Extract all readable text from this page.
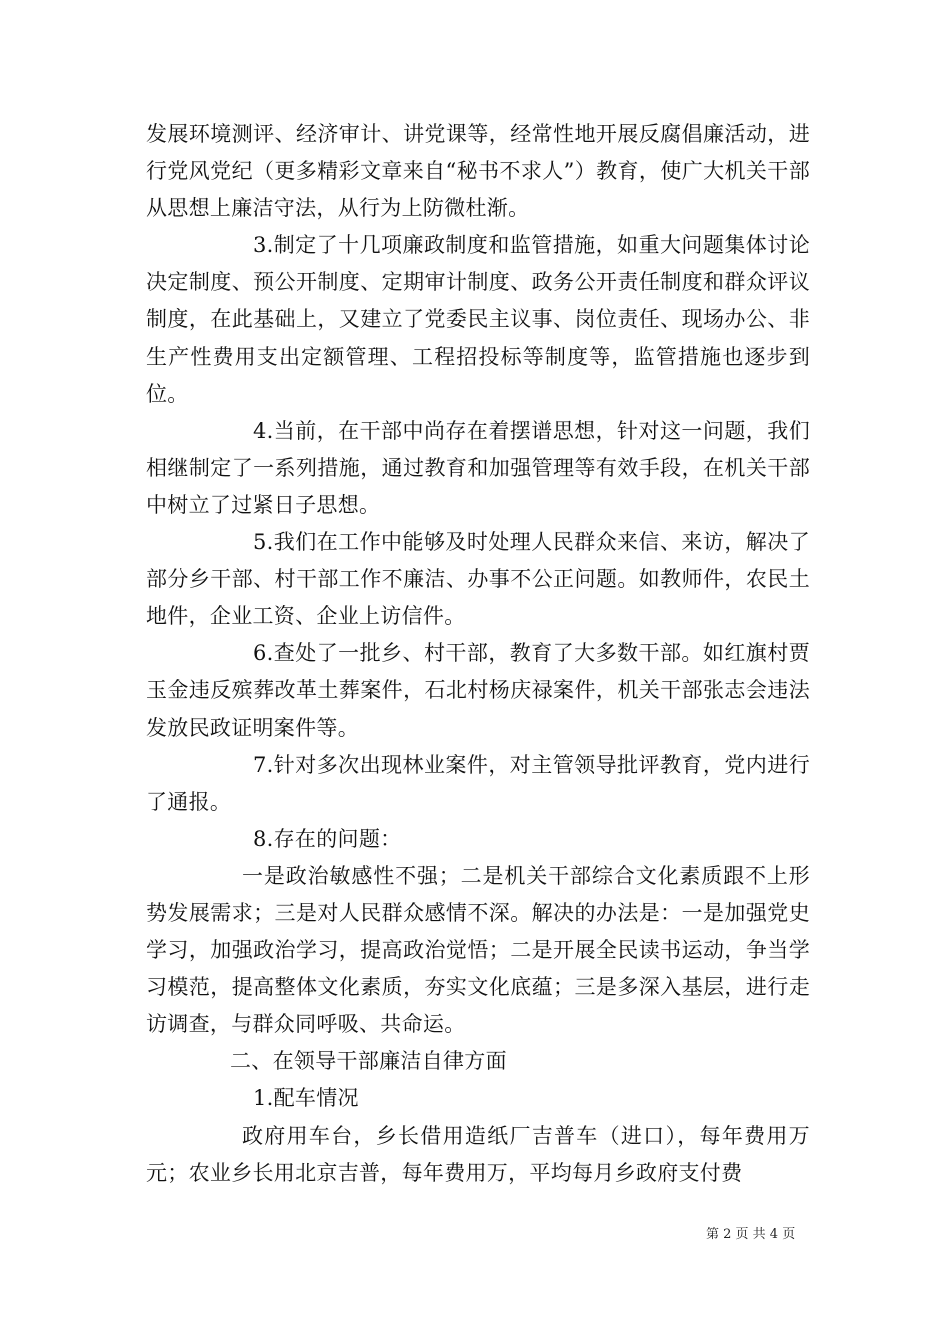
发展环境测评、经济审计、讲党课等，经常性地开展反腐倡廉活动，进行党风党纪（更多精彩文章来自“秘书不求人”）教育，使广大机关干部从思想上廉洁守法，从行为上防微杜渐。

3.制定了十几项廉政制度和监管措施，如重大问题集体讨论决定制度、预公开制度、定期审计制度、政务公开责任制度和群众评议制度，在此基础上，又建立了党委民主议事、岗位责任、现场办公、非生产性费用支出定额管理、工程招投标等制度等，监管措施也逐步到位。

4.当前，在干部中尚存在着摆谱思想，针对这一问题，我们相继制定了一系列措施，通过教育和加强管理等有效手段，在机关干部中树立了过紧日子思想。

5.我们在工作中能够及时处理人民群众来信、来访，解决了部分乡干部、村干部工作不廉洁、办事不公正问题。如教师件，农民土地件，企业工资、企业上访信件。

6.查处了一批乡、村干部，教育了大多数干部。如红旗村贾玉金违反殡葬改革土葬案件，石北村杨庆禄案件，机关干部张志会违法发放民政证明案件等。

7.针对多次出现林业案件，对主管领导批评教育，党内进行了通报。

8.存在的问题：

一是政治敏感性不强；二是机关干部综合文化素质跟不上形势发展需求；三是对人民群众感情不深。解决的办法是：一是加强党史学习，加强政治学习，提高政治觉悟；二是开展全民读书运动，争当学习模范，提高整体文化素质，夯实文化底蕴；三是多深入基层，进行走访调查，与群众同呼吸、共命运。

二、在领导干部廉洁自律方面

1.配车情况

政府用车台，乡长借用造纸厂吉普车（进口），每年费用万元；农业乡长用北京吉普，每年费用万，平均每月乡政府支付费

第 2 页 共 4 页
